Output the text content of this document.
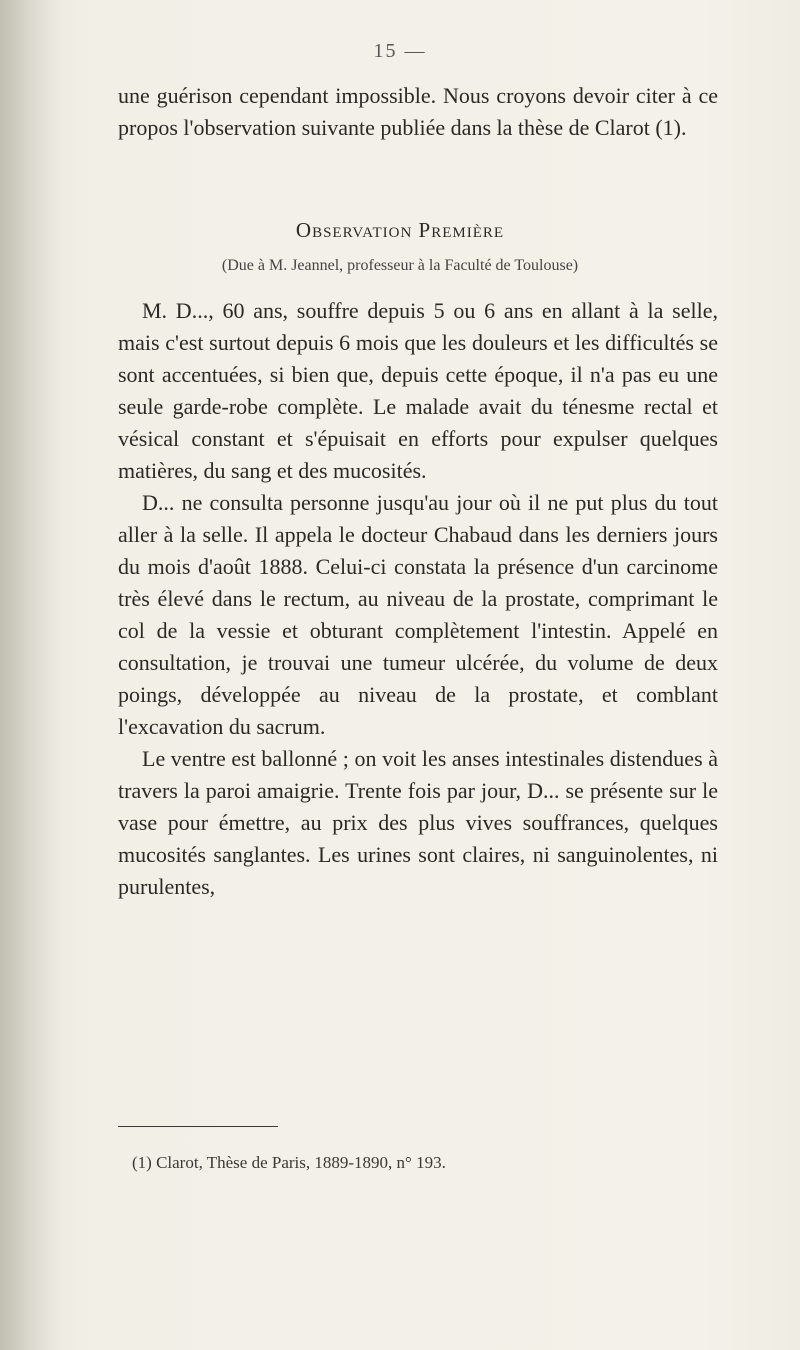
15 —

une guérison cependant impossible. Nous croyons devoir citer à ce propos l'observation suivante publiée dans la thèse de Clarot (1).

Observation Première
(Due à M. Jeannel, professeur à la Faculté de Toulouse)

M. D..., 60 ans, souffre depuis 5 ou 6 ans en allant à la selle, mais c'est surtout depuis 6 mois que les douleurs et les difficultés se sont accentuées, si bien que, depuis cette époque, il n'a pas eu une seule garde-robe complète. Le malade avait du ténesme rectal et vésical constant et s'épuisait en efforts pour expulser quelques matières, du sang et des mucosités.

D... ne consulta personne jusqu'au jour où il ne put plus du tout aller à la selle. Il appela le docteur Chabaud dans les derniers jours du mois d'août 1888. Celui-ci constata la présence d'un carcinome très élevé dans le rectum, au niveau de la prostate, comprimant le col de la vessie et obturant complètement l'intestin. Appelé en consultation, je trouvai une tumeur ulcérée, du volume de deux poings, développée au niveau de la prostate, et comblant l'excavation du sacrum.

Le ventre est ballonné ; on voit les anses intestinales distendues à travers la paroi amaigrie. Trente fois par jour, D... se présente sur le vase pour émettre, au prix des plus vives souffrances, quelques mucosités sanglantes. Les urines sont claires, ni sanguinolentes, ni purulentes,

(1) Clarot, Thèse de Paris, 1889-1890, n° 193.
